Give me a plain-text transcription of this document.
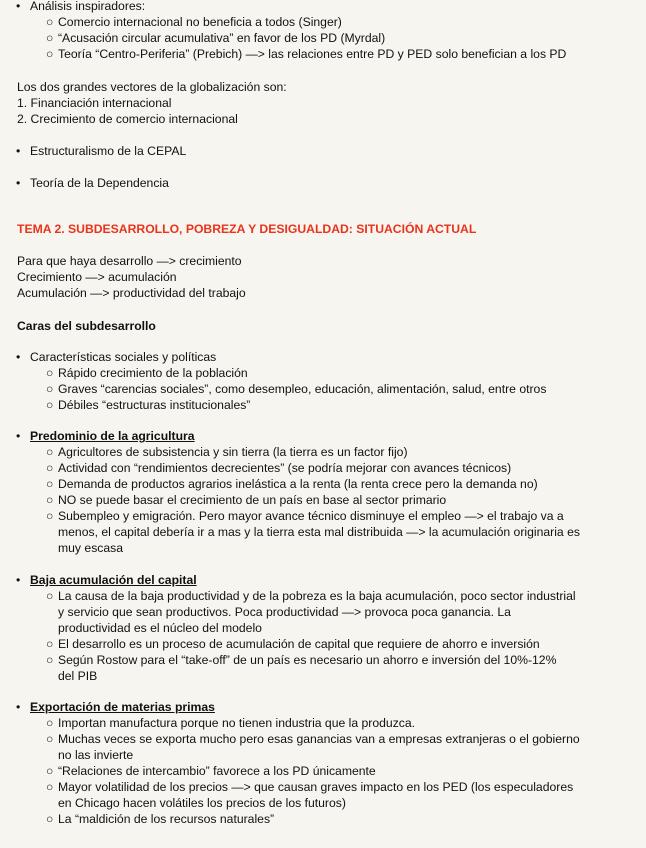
• Análisis inspiradores:
○ Comercio internacional no beneficia a todos (Singer)
○ “Acusación circular acumulativa” en favor de los PD (Myrdal)
○ Teoría “Centro-Periferia” (Prebich) —> las relaciones entre PD y PED solo benefician a los PD
Los dos grandes vectores de la globalización son:
1. Financiación internacional
2. Crecimiento de comercio internacional
• Estructuralismo de la CEPAL
• Teoría de la Dependencia
TEMA 2. SUBDESARROLLO, POBREZA Y DESIGUALDAD: SITUACIÓN ACTUAL
Para que haya desarrollo —> crecimiento
Crecimiento —> acumulación
Acumulación —> productividad del trabajo
Caras del subdesarrollo
• Características sociales y políticas
○ Rápido crecimiento de la población
○ Graves “carencias sociales”, como desempleo, educación, alimentación, salud, entre otros
○ Débiles “estructuras institucionales”
• Predominio de la agricultura
○ Agricultores de subsistencia y sin tierra (la tierra es un factor fijo)
○ Actividad con “rendimientos decrecientes” (se podría mejorar con avances técnicos)
○ Demanda de productos agrarios inelástica a la renta (la renta crece pero la demanda no)
○ NO se puede basar el crecimiento de un país en base al sector primario
○ Subempleo y emigración. Pero mayor avance técnico disminuye el empleo —> el trabajo va a
menos, el capital debería ir a mas y la tierra esta mal distribuida —> la acumulación originaria es
muy escasa
• Baja acumulación del capital
○ La causa de la baja productividad y de la pobreza es la baja acumulación, poco sector industrial
y servicio que sean productivos. Poca productividad —> provoca poca ganancia. La
productividad es el núcleo del modelo
○ El desarrollo es un proceso de acumulación de capital que requiere de ahorro e inversión
○ Según Rostow para el “take-off” de un país es necesario un ahorro e inversión del 10%-12%
del PIB
• Exportación de materias primas
○ Importan manufactura porque no tienen industria que la produzca.
○ Muchas veces se exporta mucho pero esas ganancias van a empresas extranjeras o el gobierno
no las invierte
○ “Relaciones de intercambio” favorece a los PD únicamente
○ Mayor volatilidad de los precios —> que causan graves impacto en los PED (los especuladores
en Chicago hacen volátiles los precios de los futuros)
○ La “maldición de los recursos naturales”
